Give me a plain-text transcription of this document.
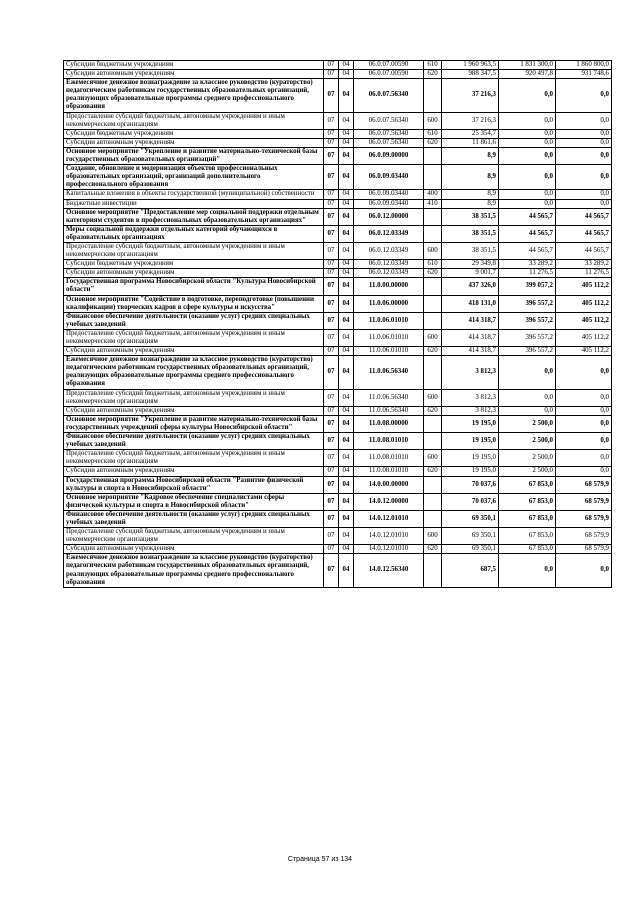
Субсидии бюджетным учреждениям	07	04	06.0.07.00590	610	1 960 963,5	1 831 300,0	1 860 800,0
Субсидии автономным учреждениям	07	04	06.0.07.00590	620	988 347,5	920 497,8	931 748,6
Ежемесячное денежное вознаграждение за классное руководство (кураторство) педагогическим работникам государственных образовательных организаций, реализующих образовательные программы среднего профессионального образования	07	04	06.0.07.56340		37 216,3	0,0	0,0
Предоставление субсидий бюджетным, автономным учреждениям и иным некоммерческим организациям	07	04	06.0.07.56340	600	37 216,3	0,0	0,0
Субсидии бюджетным учреждениям	07	04	06.0.07.56340	610	25 354,7	0,0	0,0
Субсидии автономным учреждениям	07	04	06.0.07.56340	620	11 861,6	0,0	0,0
Основное мероприятие "Укрепление и развитие материально-технической базы государственных образовательных организаций"	07	04	06.0.09.00000		8,9	0,0	0,0
Создание, обновление и модернизация объектов профессиональных образовательных организаций, организаций дополнительного профессионального образования	07	04	06.0.09.03440		8,9	0,0	0,0
Капитальные вложения в объекты государственной (муниципальной) собственности	07	04	06.0.09.03440	400	8,9	0,0	0,0
Бюджетные инвестиции	07	04	06.0.09.03440	410	8,9	0,0	0,0
Основное мероприятие "Предоставление мер социальной поддержки отдельным категориям студентов в профессиональных образовательных организациях"	07	04	06.0.12.00000		38 351,5	44 565,7	44 565,7
Меры социальной поддержки отдельных категорий обучающихся в образовательных организациях	07	04	06.0.12.03349		38 351,5	44 565,7	44 565,7
Предоставление субсидий бюджетным, автономным учреждениям и иным некоммерческим организациям	07	04	06.0.12.03349	600	38 351,5	44 565,7	44 565,7
Субсидии бюджетным учреждениям	07	04	06.0.12.03349	610	29 349,8	33 289,2	33 289,2
Субсидии автономным учреждениям	07	04	06.0.12.03349	620	9 001,7	11 276,5	11 276,5
Государственная программа Новосибирской области "Культура Новосибирской области"	07	04	11.0.00.00000		437 326,0	399 057,2	405 112,2
Основное мероприятие "Содействие в подготовке, переподготовке (повышении квалификации) творческих кадров в сфере культуры и искусства"	07	04	11.0.06.00000		418 131,0	396 557,2	405 112,2
Финансовое обеспечение деятельности (оказание услуг) средних специальных учебных заведений	07	04	11.0.06.01010		414 318,7	396 557,2	405 112,2
Предоставление субсидий бюджетным, автономным учреждениям и иным некоммерческим организациям	07	04	11.0.06.01010	600	414 318,7	396 557,2	405 112,2
Субсидии автономным учреждениям	07	04	11.0.06.01010	620	414 318,7	396 557,2	405 112,2
Ежемесячное денежное вознаграждение за классное руководство (кураторство) педагогическим работникам государственных образовательных организаций, реализующих образовательные программы среднего профессионального образования	07	04	11.0.06.56340		3 812,3	0,0	0,0
Предоставление субсидий бюджетным, автономным учреждениям и иным некоммерческим организациям	07	04	11.0.06.56340	600	3 812,3	0,0	0,0
Субсидии автономным учреждениям	07	04	11.0.06.56340	620	3 812,3	0,0	0,0
Основное мероприятие "Укрепление и развитие материально-технической базы государственных учреждений сферы культуры Новосибирской области"	07	04	11.0.08.00000		19 195,0	2 500,0	0,0
Финансовое обеспечение деятельности (оказание услуг) средних специальных учебных заведений	07	04	11.0.08.01010		19 195,0	2 500,0	0,0
Предоставление субсидий бюджетным, автономным учреждениям и иным некоммерческим организациям	07	04	11.0.08.01010	600	19 195,0	2 500,0	0,0
Субсидии автономным учреждениям	07	04	11.0.08.01010	620	19 195,0	2 500,0	0,0
Государственная программа Новосибирской области "Развитие физической культуры и спорта в Новосибирской области"	07	04	14.0.00.00000		70 037,6	67 853,0	68 579,9
Основное мероприятие "Кадровое обеспечение специалистами сферы физической культуры и спорта в Новосибирской области"	07	04	14.0.12.00000		70 037,6	67 853,0	68 579,9
Финансовое обеспечение деятельности (оказание услуг) средних специальных учебных заведений	07	04	14.0.12.01010		69 350,1	67 853,0	68 579,9
Предоставление субсидий бюджетным, автономным учреждениям и иным некоммерческим организациям	07	04	14.0.12.01010	600	69 350,1	67 853,0	68 579,9
Субсидии автономным учреждениям	07	04	14.0.12.01010	620	69 350,1	67 853,0	68 579,9
Ежемесячное денежное вознаграждение за классное руководство (кураторство) педагогическим работникам государственных образовательных организаций, реализующих образовательные программы среднего профессионального образования	07	04	14.0.12.56340		687,5	0,0	0,0
Страница 57 из 134
